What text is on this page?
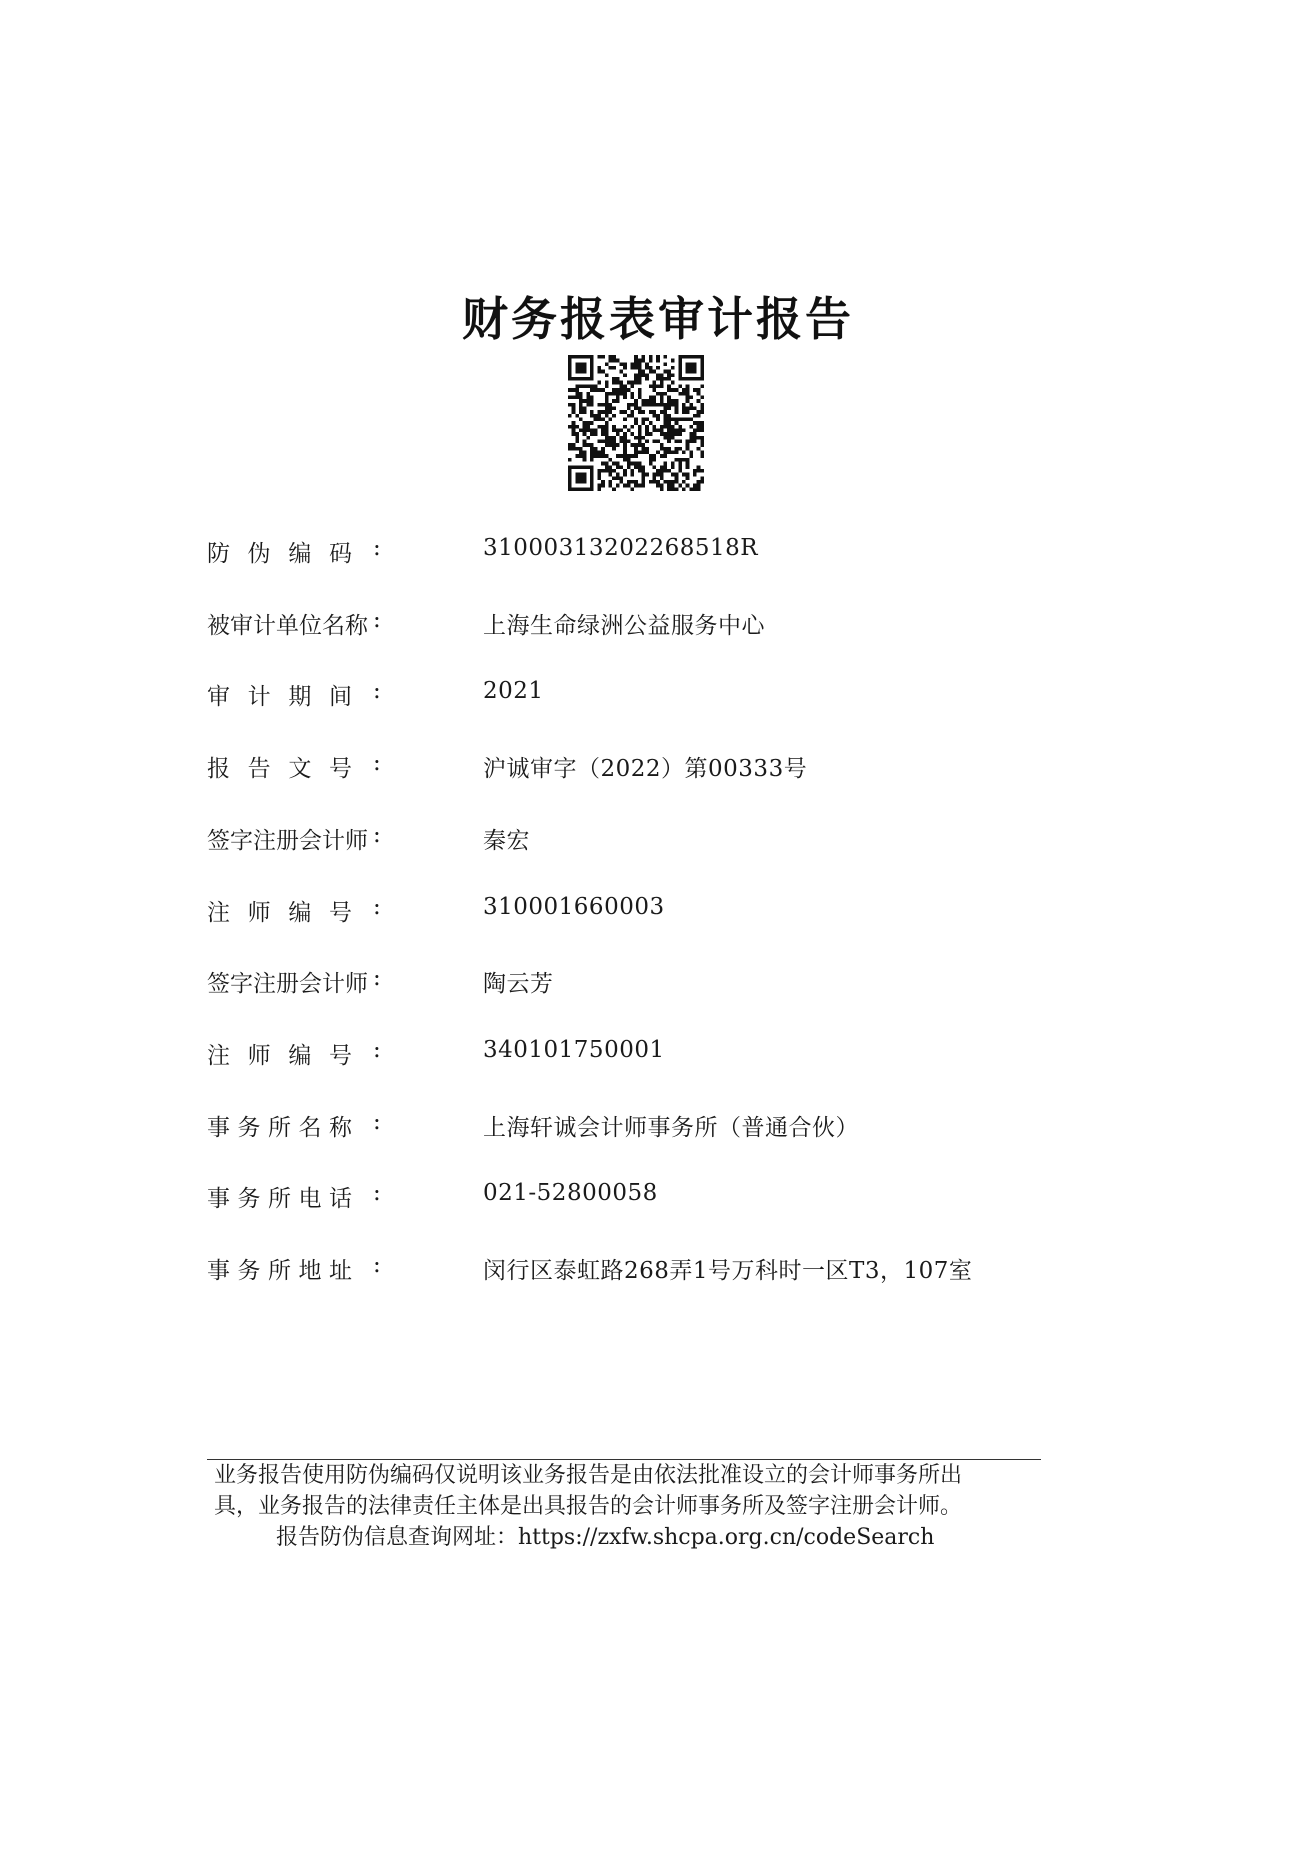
财务报表审计报告
防 伪 编 码 :	31000313202268518R
被 审 计 单 位 名 称 :	上海生命绿洲公益服务中心
审 计 期 间 :	2021
报 告 文 号 :	沪诚审字（2022）第00333号
签 字 注 册 会 计 师 :	秦宏
注 师 编 号 :	310001660003
签 字 注 册 会 计 师 :	陶云芳
注 师 编 号 :	340101750001
事 务 所 名 称 :	上海轩诚会计师事务所（普通合伙）
事 务 所 电 话 :	021-52800058
事 务 所 地 址 :	闵行区泰虹路268弄1号万科时一区T3，107室

业务报告使用防伪编码仅说明该业务报告是由依法批准设立的会计师事务所出

具，业务报告的法律责任主体是出具报告的会计师事务所及签字注册会计师。

报告防伪信息查询网址：https://zxfw.shcpa.org.cn/codeSearch
